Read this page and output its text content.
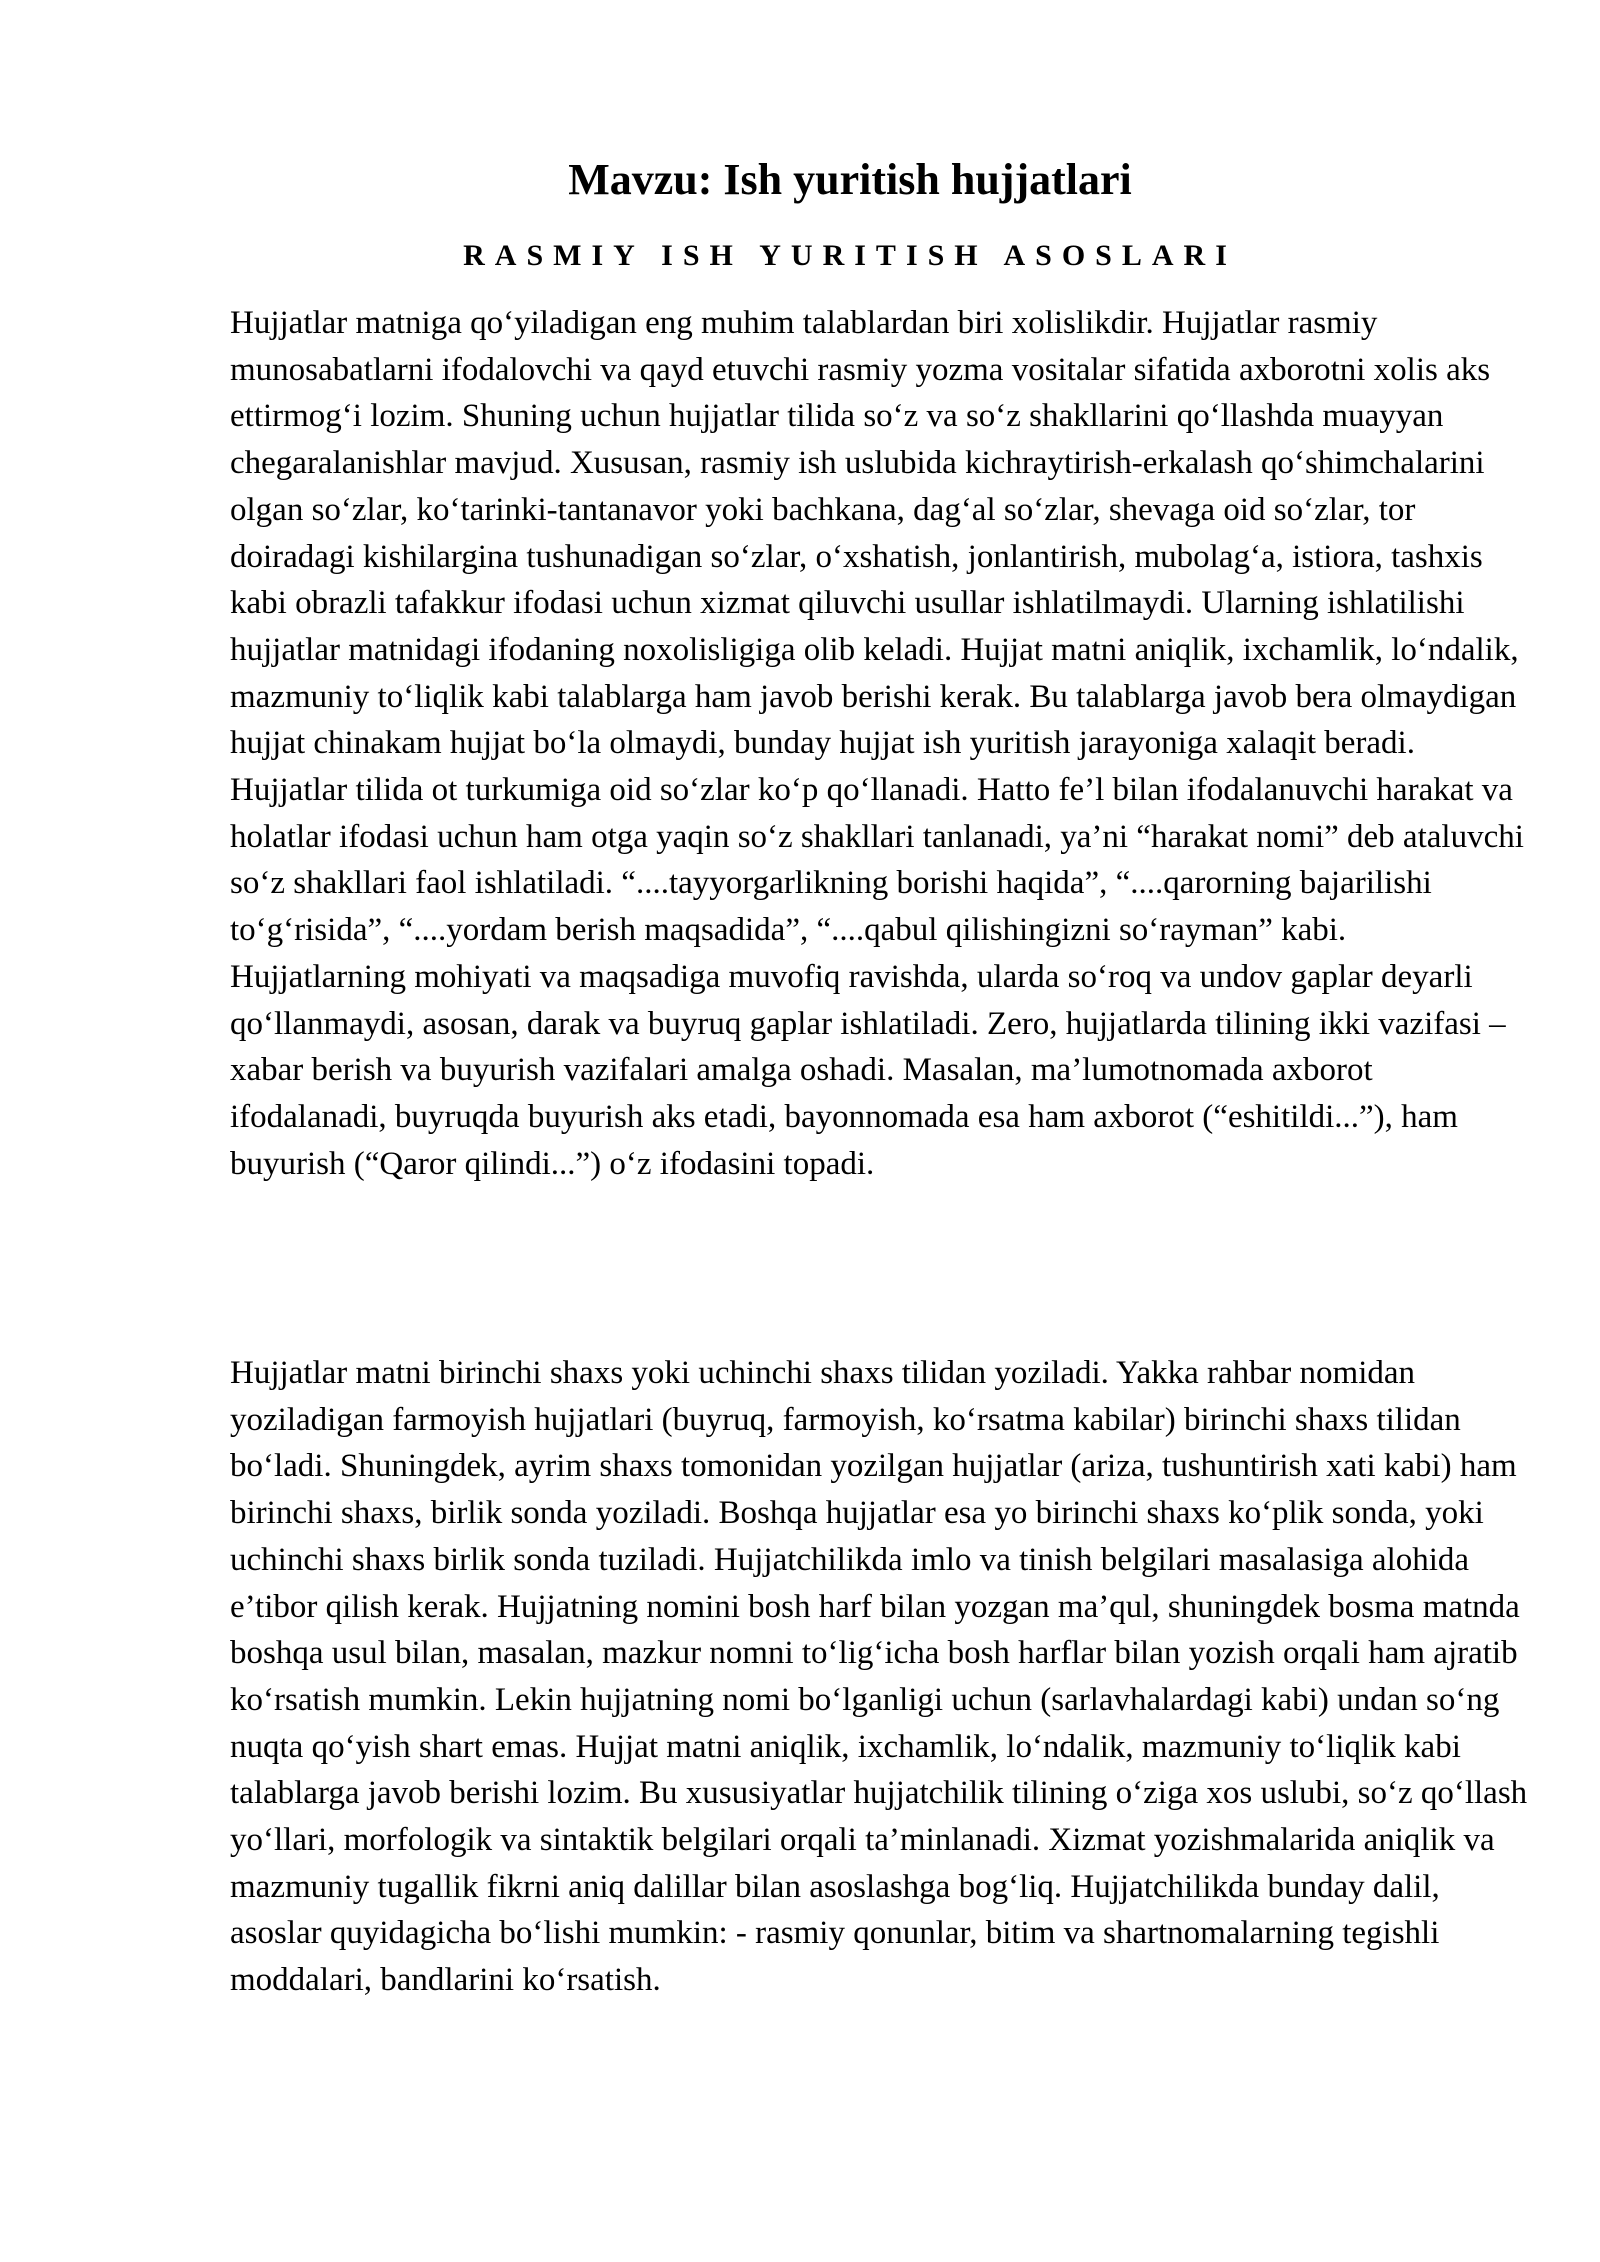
Mavzu: Ish yuritish hujjatlari
RASMIY ISH YURITISH ASOSLARI

Hujjatlar matniga qo‘yiladigan eng muhim talablardan biri xolislikdir. Hujjatlar rasmiy munosabatlarni ifodalovchi va qayd etuvchi rasmiy yozma vositalar sifatida axborotni xolis aks ettirmog‘i lozim. Shuning uchun hujjatlar tilida so‘z va so‘z shakllarini qo‘llashda muayyan chegaralanishlar mavjud. Xususan, rasmiy ish uslubida kichraytirish-erkalash qo‘shimchalarini olgan so‘zlar, ko‘tarinki-tantanavor yoki bachkana, dag‘al so‘zlar, shevaga oid so‘zlar, tor doiradagi kishilargina tushunadigan so‘zlar, o‘xshatish, jonlantirish, mubolag‘a, istiora, tashxis kabi obrazli tafakkur ifodasi uchun xizmat qiluvchi usullar ishlatilmaydi. Ularning ishlatilishi hujjatlar matnidagi ifodaning noxolisligiga olib keladi. Hujjat matni aniqlik, ixchamlik, lo‘ndalik, mazmuniy to‘liqlik kabi talablarga ham javob berishi kerak. Bu talablarga javob bera olmaydigan hujjat chinakam hujjat bo‘la olmaydi, bunday hujjat ish yuritish jarayoniga xalaqit beradi. Hujjatlar tilida ot turkumiga oid so‘zlar ko‘p qo‘llanadi. Hatto fe’l bilan ifodalanuvchi harakat va holatlar ifodasi uchun ham otga yaqin so‘z shakllari tanlanadi, ya’ni “harakat nomi” deb ataluvchi so‘z shakllari faol ishlatiladi. “....tayyorgarlikning borishi haqida”, “....qarorning bajarilishi to‘g‘risida”, “....yordam berish maqsadida”, “....qabul qilishingizni so‘rayman” kabi. Hujjatlarning mohiyati va maqsadiga muvofiq ravishda, ularda so‘roq va undov gaplar deyarli qo‘llanmaydi, asosan, darak va buyruq gaplar ishlatiladi. Zero, hujjatlarda tilining ikki vazifasi – xabar berish va buyurish vazifalari amalga oshadi. Masalan, ma’lumotnomada axborot ifodalanadi, buyruqda buyurish aks etadi, bayonnomada esa ham axborot (“eshitildi...”), ham buyurish (“Qaror qilindi...”) o‘z ifodasini topadi.

Hujjatlar matni birinchi shaxs yoki uchinchi shaxs tilidan yoziladi. Yakka rahbar nomidan yoziladigan farmoyish hujjatlari (buyruq, farmoyish, ko‘rsatma kabilar) birinchi shaxs tilidan bo‘ladi. Shuningdek, ayrim shaxs tomonidan yozilgan hujjatlar (ariza, tushuntirish xati kabi) ham birinchi shaxs, birlik sonda yoziladi. Boshqa hujjatlar esa yo birinchi shaxs ko‘plik sonda, yoki uchinchi shaxs birlik sonda tuziladi. Hujjatchilikda imlo va tinish belgilari masalasiga alohida e’tibor qilish kerak. Hujjatning nomini bosh harf bilan yozgan ma’qul, shuningdek bosma matnda boshqa usul bilan, masalan, mazkur nomni to‘lig‘icha bosh harflar bilan yozish orqali ham ajratib ko‘rsatish mumkin. Lekin hujjatning nomi bo‘lganligi uchun (sarlavhalardagi kabi) undan so‘ng nuqta qo‘yish shart emas. Hujjat matni aniqlik, ixchamlik, lo‘ndalik, mazmuniy to‘liqlik kabi talablarga javob berishi lozim. Bu xususiyatlar hujjatchilik tilining o‘ziga xos uslubi, so‘z qo‘llash yo‘llari, morfologik va sintaktik belgilari orqali ta’minlanadi. Xizmat yozishmalarida aniqlik va mazmuniy tugallik fikrni aniq dalillar bilan asoslashga bog‘liq. Hujjatchilikda bunday dalil, asoslar quyidagicha bo‘lishi mumkin: - rasmiy qonunlar, bitim va shartnomalarning tegishli moddalari, bandlarini ko‘rsatish.
